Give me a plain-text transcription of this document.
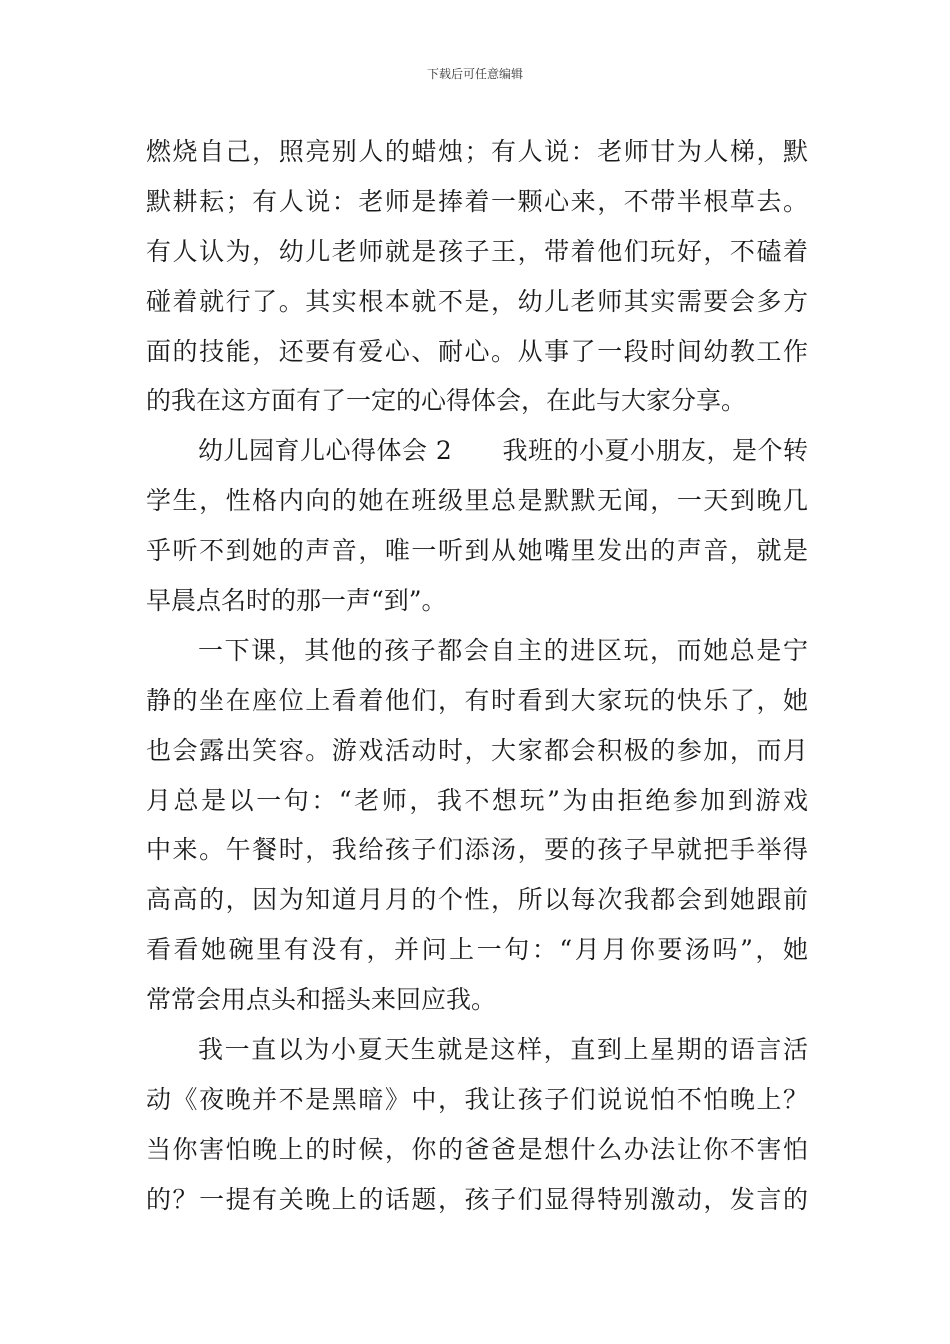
下载后可任意编辑
燃烧自己，照亮别人的蜡烛；有人说：老师甘为人梯，默
默耕耘；有人说：老师是捧着一颗心来，不带半根草去。
有人认为，幼儿老师就是孩子王，带着他们玩好，不磕着
碰着就行了。其实根本就不是，幼儿老师其实需要会多方
面的技能，还要有爱心、耐心。从事了一段时间幼教工作
的我在这方面有了一定的心得体会，在此与大家分享。
幼儿园育儿心得体会 2      我班的小夏小朋友，是个转
学生，性格内向的她在班级里总是默默无闻，一天到晚几
乎听不到她的声音，唯一听到从她嘴里发出的声音，就是
早晨点名时的那一声“到”。
一下课，其他的孩子都会自主的进区玩，而她总是宁
静的坐在座位上看着他们，有时看到大家玩的快乐了，她
也会露出笑容。游戏活动时，大家都会积极的参加，而月
月总是以一句：“老师，我不想玩”为由拒绝参加到游戏
中来。午餐时，我给孩子们添汤，要的孩子早就把手举得
高高的，因为知道月月的个性，所以每次我都会到她跟前
看看她碗里有没有，并问上一句：“月月你要汤吗”，她
常常会用点头和摇头来回应我。
我一直以为小夏天生就是这样，直到上星期的语言活
动《夜晚并不是黑暗》中，我让孩子们说说怕不怕晚上？
当你害怕晚上的时候，你的爸爸是想什么办法让你不害怕
的？一提有关晚上的话题，孩子们显得特别激动，发言的
